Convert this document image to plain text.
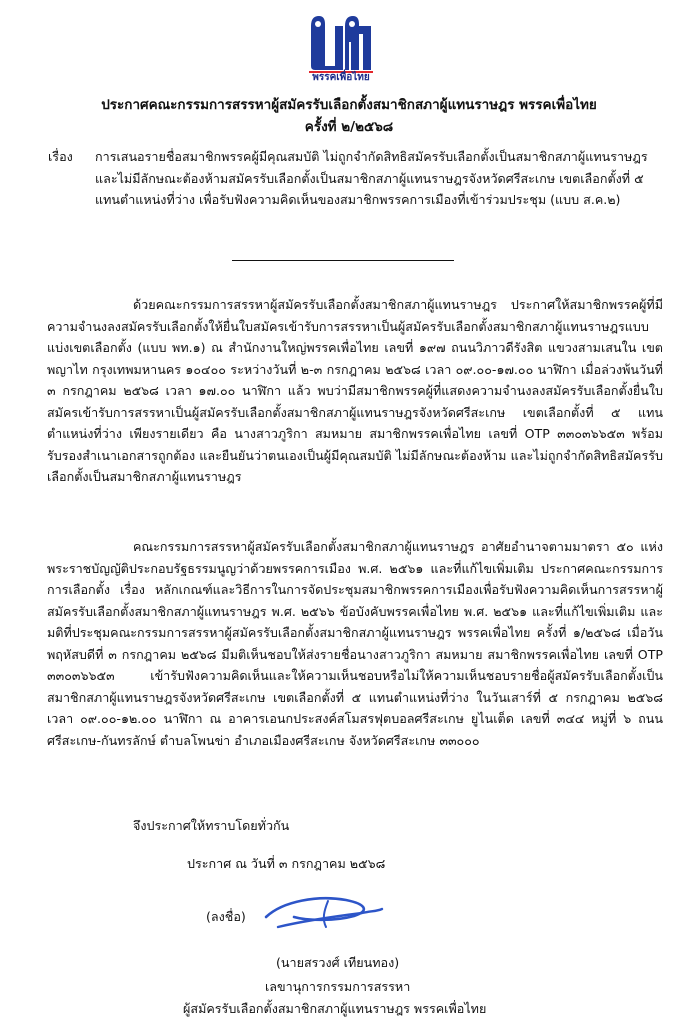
พรรคเพื่อไทย
ประกาศคณะกรรมการสรรหาผู้สมัครรับเลือกตั้งสมาชิกสภาผู้แทนราษฎร พรรคเพื่อไทย
ครั้งที่ ๒/๒๕๖๘
เรื่อง การเสนอรายชื่อสมาชิกพรรคผู้มีคุณสมบัติ ไม่ถูกจำกัดสิทธิสมัครรับเลือกตั้งเป็นสมาชิกสภาผู้แทนราษฎร และไม่มีลักษณะต้องห้ามสมัครรับเลือกตั้งเป็นสมาชิกสภาผู้แทนราษฎรจังหวัดศรีสะเกษ เขตเลือกตั้งที่ ๕ แทนตำแหน่งที่ว่าง เพื่อรับฟังความคิดเห็นของสมาชิกพรรคการเมืองที่เข้าร่วมประชุม (แบบ ส.ค.๒)
ด้วยคณะกรรมการสรรหาผู้สมัครรับเลือกตั้งสมาชิกสภาผู้แทนราษฎร ประกาศให้สมาชิกพรรคผู้ที่มีความจำนงลงสมัครรับเลือกตั้งให้ยื่นใบสมัครเข้ารับการสรรหาเป็นผู้สมัครรับเลือกตั้งสมาชิกสภาผู้แทนราษฎรแบบแบ่งเขตเลือกตั้ง (แบบ พท.๑) ณ สำนักงานใหญ่พรรคเพื่อไทย เลขที่ ๑๙๗ ถนนวิภาวดีรังสิต แขวงสามเสนใน เขตพญาไท กรุงเทพมหานคร ๑๐๔๐๐ ระหว่างวันที่ ๒-๓ กรกฎาคม ๒๕๖๘ เวลา ๐๙.๐๐-๑๗.๐๐ นาฬิกา เมื่อล่วงพ้นวันที่ ๓ กรกฎาคม ๒๕๖๘ เวลา ๑๗.๐๐ นาฬิกา แล้ว พบว่ามีสมาชิกพรรคผู้ที่แสดงความจำนงลงสมัครรับเลือกตั้งยื่นใบสมัครเข้ารับการสรรหาเป็นผู้สมัครรับเลือกตั้งสมาชิกสภาผู้แทนราษฎรจังหวัดศรีสะเกษ เขตเลือกตั้งที่ ๕ แทนตำแหน่งที่ว่าง เพียงรายเดียว คือ นางสาวภูริกา สมหมาย สมาชิกพรรคเพื่อไทย เลขที่ OTP ๓๓๐๓๖๖๕๓ พร้อมรับรองสำเนาเอกสารถูกต้อง และยืนยันว่าตนเองเป็นผู้มีคุณสมบัติ ไม่มีลักษณะต้องห้าม และไม่ถูกจำกัดสิทธิสมัครรับเลือกตั้งเป็นสมาชิกสภาผู้แทนราษฎร
คณะกรรมการสรรหาผู้สมัครรับเลือกตั้งสมาชิกสภาผู้แทนราษฎร อาศัยอำนาจตามมาตรา ๕๐ แห่งพระราชบัญญัติประกอบรัฐธรรมนูญว่าด้วยพรรคการเมือง พ.ศ. ๒๕๖๑ และที่แก้ไขเพิ่มเติม ประกาศคณะกรรมการการเลือกตั้ง เรื่อง หลักเกณฑ์และวิธีการในการจัดประชุมสมาชิกพรรคการเมืองเพื่อรับฟังความคิดเห็นการสรรหาผู้สมัครรับเลือกตั้งสมาชิกสภาผู้แทนราษฎร พ.ศ. ๒๕๖๖ ข้อบังคับพรรคเพื่อไทย พ.ศ. ๒๕๖๑ และที่แก้ไขเพิ่มเติม และมติที่ประชุมคณะกรรมการสรรหาผู้สมัครรับเลือกตั้งสมาชิกสภาผู้แทนราษฎร พรรคเพื่อไทย ครั้งที่ ๑/๒๕๖๘ เมื่อวันพฤหัสบดีที่ ๓ กรกฎาคม ๒๕๖๘ มีมติเห็นชอบให้ส่งรายชื่อนางสาวภูริกา สมหมาย สมาชิกพรรคเพื่อไทย เลขที่ OTP ๓๓๐๓๖๖๕๓ เข้ารับฟังความคิดเห็นและให้ความเห็นชอบหรือไม่ให้ความเห็นชอบรายชื่อผู้สมัครรับเลือกตั้งเป็นสมาชิกสภาผู้แทนราษฎรจังหวัดศรีสะเกษ เขตเลือกตั้งที่ ๕ แทนตำแหน่งที่ว่าง ในวันเสาร์ที่ ๕ กรกฎาคม ๒๕๖๘ เวลา ๐๙.๐๐-๑๒.๐๐ นาฬิกา ณ อาคารเอนกประสงค์สโมสรฟุตบอลศรีสะเกษ ยูไนเต็ด เลขที่ ๓๔๔ หมู่ที่ ๖ ถนนศรีสะเกษ-กันทรลักษ์ ตำบลโพนข่า อำเภอเมืองศรีสะเกษ จังหวัดศรีสะเกษ ๓๓๐๐๐
จึงประกาศให้ทราบโดยทั่วกัน
ประกาศ ณ วันที่ ๓ กรกฎาคม ๒๕๖๘
(ลงชื่อ)
(นายสรวงศ์ เทียนทอง)
เลขานุการกรรมการสรรหา
ผู้สมัครรับเลือกตั้งสมาชิกสภาผู้แทนราษฎร พรรคเพื่อไทย
